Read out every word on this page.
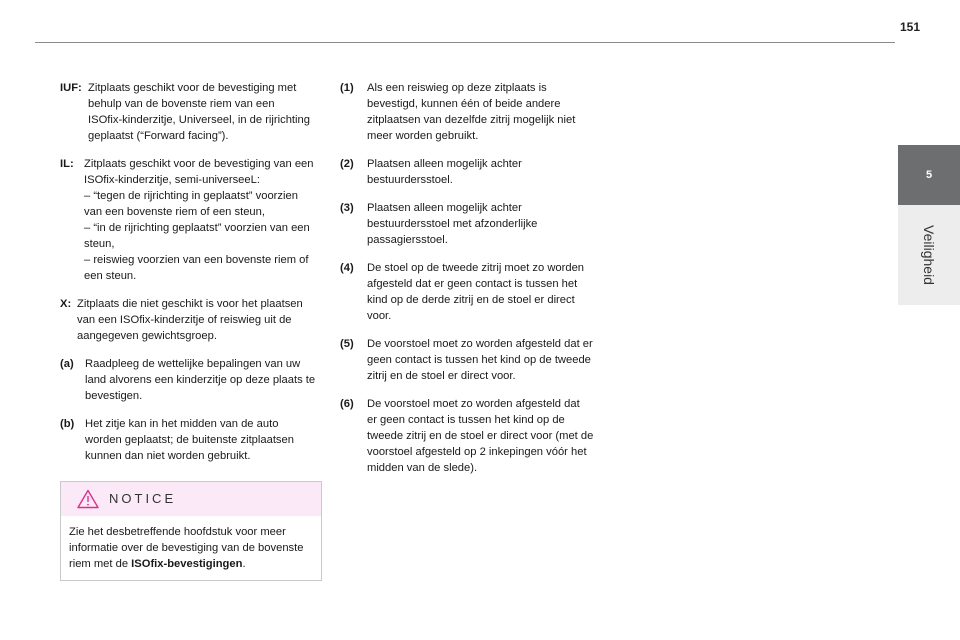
151
5
Veiligheid
IUF: Zitplaats geschikt voor de bevestiging met
behulp van de bovenste riem van een
ISOfix-kinderzitje, Universeel, in de rijrichting
geplaatst (“Forward facing”).
IL: Zitplaats geschikt voor de bevestiging van een
ISOfix-kinderzitje, semi-universeeL:
– “tegen de rijrichting in geplaatst” voorzien
van een bovenste riem of een steun,
– “in de rijrichting geplaatst” voorzien van een
steun,
– reiswieg voorzien van een bovenste riem of
een steun.
X: Zitplaats die niet geschikt is voor het plaatsen
van een ISOfix-kinderzitje of reiswieg uit de
aangegeven gewichtsgroep.
(a)	Raadpleeg de wettelijke bepalingen van uw
land alvorens een kinderzitje op deze plaats te
bevestigen.
(b) Het zitje kan in het midden van de auto
worden geplaatst; de buitenste zitplaatsen
kunnen dan niet worden gebruikt.
NOTICE
Zie het desbetreffende hoofdstuk voor meer
informatie over de bevestiging van de bovenste
riem met de ISOfix-bevestigingen.
(1)	Als een reiswieg op deze zitplaats is
bevestigd, kunnen één of beide andere
zitplaatsen van dezelfde zitrij mogelijk niet
meer worden gebruikt.
(2)	Plaatsen alleen mogelijk achter
bestuurdersstoel.
(3)	Plaatsen alleen mogelijk achter
bestuurdersstoel met afzonderlijke
passagiersstoel.
(4)	De stoel op de tweede zitrij moet zo worden
afgesteld dat er geen contact is tussen het
kind op de derde zitrij en de stoel er direct
voor.
(5)	De voorstoel moet zo worden afgesteld dat er
geen contact is tussen het kind op de tweede
zitrij en de stoel er direct voor.
(6)	De voorstoel moet zo worden afgesteld dat
er geen contact is tussen het kind op de
tweede zitrij en de stoel er direct voor (met de
voorstoel afgesteld op 2 inkepingen vóór het
midden van de slede).
